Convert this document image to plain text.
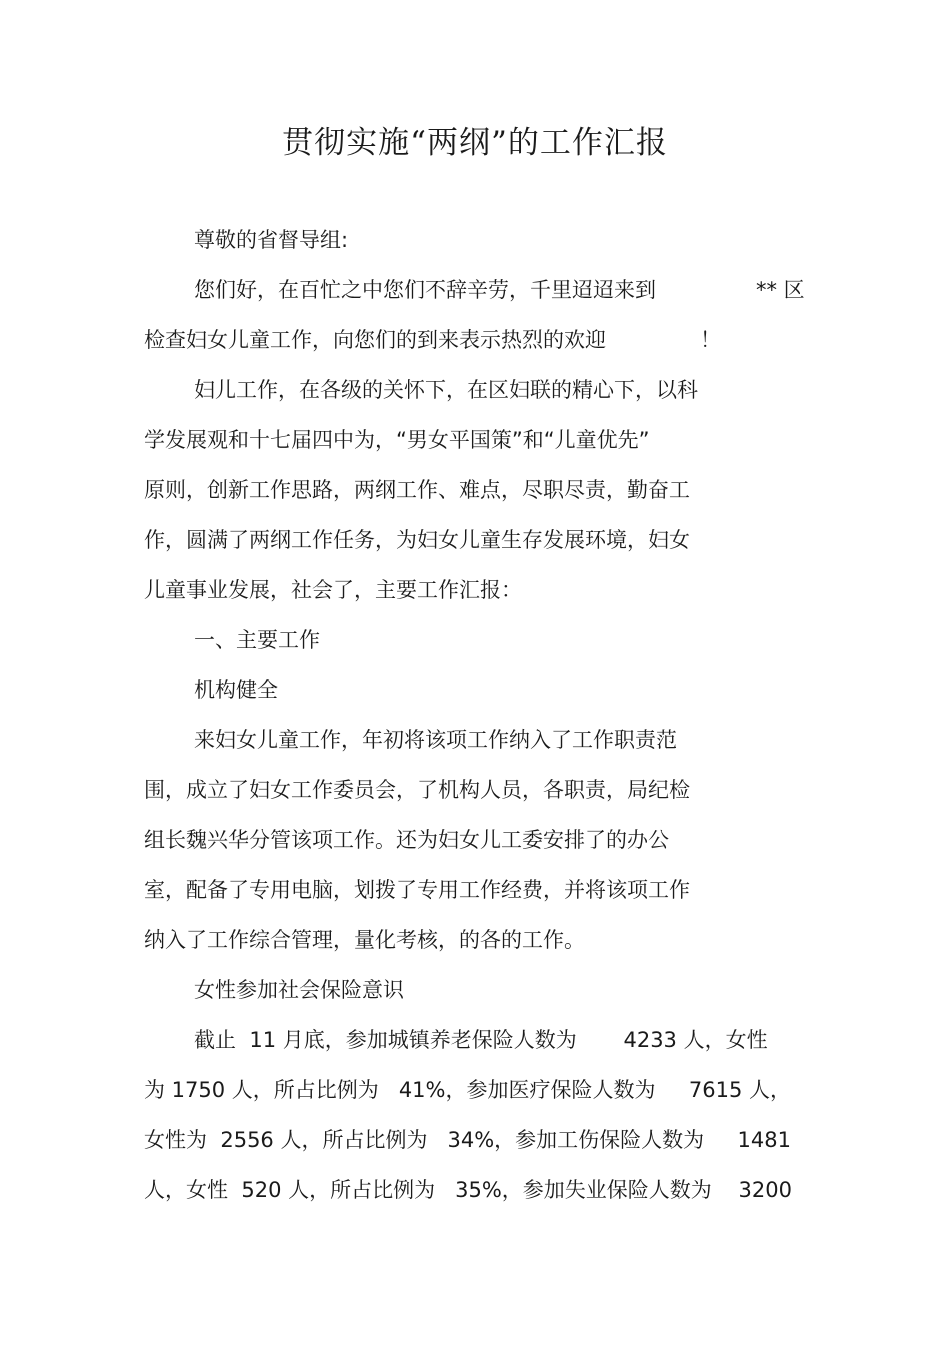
贯彻实施“两纲”的工作汇报

尊敬的省督导组:

您们好，在百忙之中您们不辞辛劳，千里迢迢来到	** 区

检查妇女儿童工作，向您们的到来表示热烈的欢迎	！

妇儿工作，在各级的关怀下，在区妇联的精心下，以科

学发展观和十七届四中为，“男女平国策”和“儿童优先”

原则，创新工作思路，两纲工作、难点，尽职尽责，勤奋工

作，圆满了两纲工作任务，为妇女儿童生存发展环境，妇女

儿童事业发展，社会了，主要工作汇报：

一、主要工作

机构健全

来妇女儿童工作，年初将该项工作纳入了工作职责范

围，成立了妇女工作委员会，了机构人员，各职责，局纪检

组长魏兴华分管该项工作。还为妇女儿工委安排了的办公

室，配备了专用电脑，划拨了专用工作经费，并将该项工作

纳入了工作综合管理，量化考核，的各的工作。

女性参加社会保险意识

截止  11 月底，参加城镇养老保险人数为       4233 人，女性

为 1750 人，所占比例为   41%，参加医疗保险人数为     7615 人，

女性为  2556 人，所占比例为   34%，参加工伤保险人数为     1481

人，女性  520 人，所占比例为   35%，参加失业保险人数为    3200
